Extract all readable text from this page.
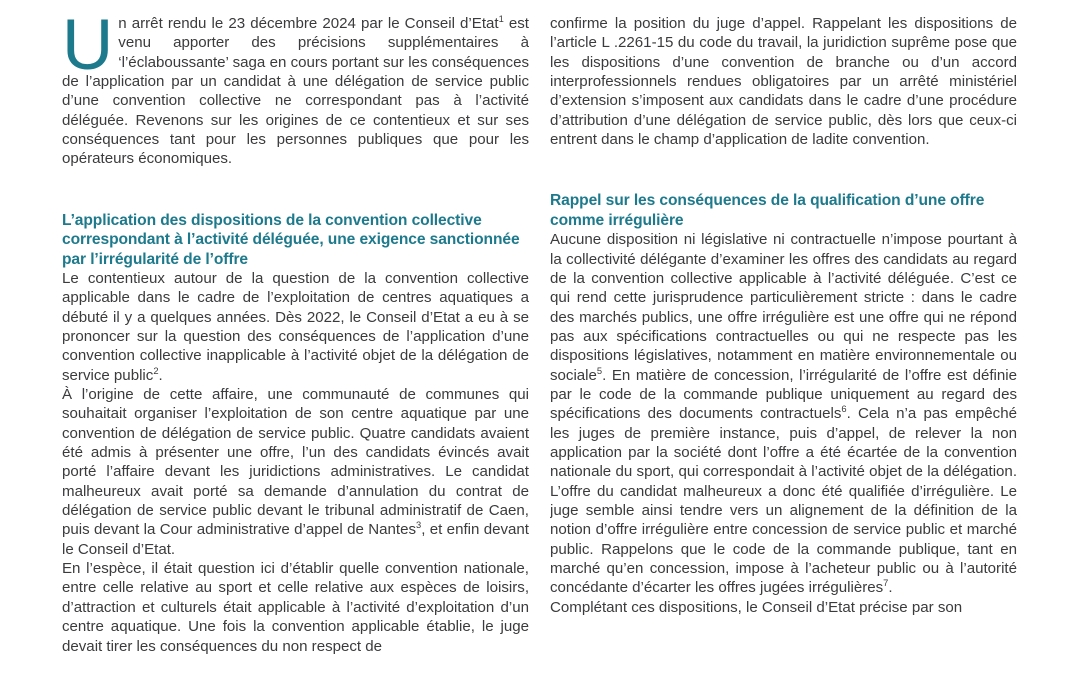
Un arrêt rendu le 23 décembre 2024 par le Conseil d’Etat$^1$ est venu apporter des précisions supplémentaires à ‘l’éclaboussante’ saga en cours portant sur les conséquences de l’application par un candidat à une délégation de service public d’une convention collective ne correspondant pas à l’activité déléguée. Revenons sur les origines de ce contentieux et sur ses conséquences tant pour les personnes publiques que pour les opérateurs économiques.

L’application des dispositions de la convention collective correspondant à l’activité déléguée, une exigence sanctionnée par l’irrégularité de l’offre

Le contentieux autour de la question de la convention collective applicable dans le cadre de l’exploitation de centres aquatiques a débuté il y a quelques années. Dès 2022, le Conseil d’Etat a eu à se prononcer sur la question des conséquences de l’application d’une convention collective inapplicable à l’activité objet de la délégation de service public$^2$.

À l’origine de cette affaire, une communauté de communes qui souhaitait organiser l’exploitation de son centre aquatique par une convention de délégation de service public. Quatre candidats avaient été admis à présenter une offre, l’un des candidats évincés avait porté l’affaire devant les juridictions administratives. Le candidat malheureux avait porté sa demande d’annulation du contrat de délégation de service public devant le tribunal administratif de Caen, puis devant la Cour administrative d’appel de Nantes$^3$, et enfin devant le Conseil d’Etat.

En l’espèce, il était question ici d’établir quelle convention nationale, entre celle relative au sport et celle relative aux espèces de loisirs, d’attraction et culturels était applicable à l’activité d’exploitation d’un centre aquatique. Une fois la convention applicable établie, le juge devait tirer les conséquences du non respect de

confirme la position du juge d’appel. Rappelant les dispositions de l’article L .2261-15 du code du travail, la juridiction suprême pose que les dispositions d’une convention de branche ou d’un accord interprofessionnels rendues obligatoires par un arrêté ministériel d’extension s’imposent aux candidats dans le cadre d’une procédure d’attribution d’une délégation de service public, dès lors que ceux-ci entrent dans le champ d’application de ladite convention.

Rappel sur les conséquences de la qualification d’une offre comme irrégulière

Aucune disposition ni législative ni contractuelle n’impose pourtant à la collectivité délégante d’examiner les offres des candidats au regard de la convention collective applicable à l’activité déléguée. C’est ce qui rend cette jurisprudence particulièrement stricte : dans le cadre des marchés publics, une offre irrégulière est une offre qui ne répond pas aux spécifications contractuelles ou qui ne respecte pas les dispositions législatives, notamment en matière environnementale ou sociale$^5$. En matière de concession, l’irrégularité de l’offre est définie par le code de la commande publique uniquement au regard des spécifications des documents contractuels$^6$. Cela n’a pas empêché les juges de première instance, puis d’appel, de relever la non application par la société dont l’offre a été écartée de la convention nationale du sport, qui correspondait à l’activité objet de la délégation. L’offre du candidat malheureux a donc été qualifiée d’irrégulière. Le juge semble ainsi tendre vers un alignement de la définition de la notion d’offre irrégulière entre concession de service public et marché public. Rappelons que le code de la commande publique, tant en marché qu’en concession, impose à l’acheteur public ou à l’autorité concédante d’écarter les offres jugées irrégulières$^7$.

Complétant ces dispositions, le Conseil d’Etat précise par son
